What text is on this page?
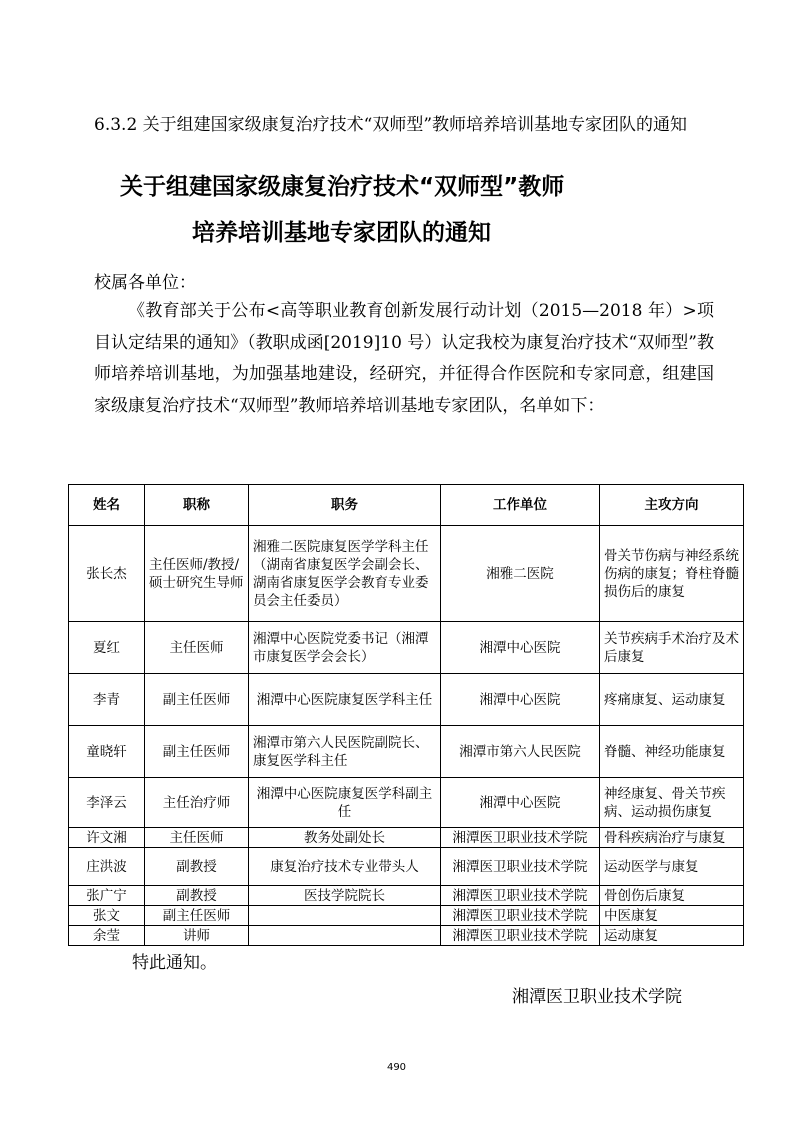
6.3.2 关于组建国家级康复治疗技术“双师型”教师培养培训基地专家团队的通知

关于组建国家级康复治疗技术“双师型”教师
培养培训基地专家团队的通知

校属各单位：

《教育部关于公布<高等职业教育创新发展行动计划（2015—2018 年）>项目认定结果的通知》（教职成函[2019]10 号）认定我校为康复治疗技术“双师型”教师培养培训基地，为加强基地建设，经研究，并征得合作医院和专家同意，组建国家级康复治疗技术“双师型”教师培养培训基地专家团队，名单如下：

姓名	职称	职务	工作单位	主攻方向
张长杰	主任医师/教授/硕士研究生导师	湘雅二医院康复医学学科主任（湖南省康复医学会副会长、湖南省康复医学会教育专业委员会主任委员）	湘雅二医院	骨关节伤病与神经系统伤病的康复；脊柱脊髓损伤后的康复
夏红	主任医师	湘潭中心医院党委书记（湘潭市康复医学会会长）	湘潭中心医院	关节疾病手术治疗及术后康复
李青	副主任医师	湘潭中心医院康复医学科主任	湘潭中心医院	疼痛康复、运动康复
童晓轩	副主任医师	湘潭市第六人民医院副院长、康复医学科主任	湘潭市第六人民医院	脊髓、神经功能康复
李泽云	主任治疗师	湘潭中心医院康复医学科副主任	湘潭中心医院	神经康复、骨关节疾病、运动损伤康复
许文湘	主任医师	教务处副处长	湘潭医卫职业技术学院	骨科疾病治疗与康复
庄洪波	副教授	康复治疗技术专业带头人	湘潭医卫职业技术学院	运动医学与康复
张广宁	副教授	医技学院院长	湘潭医卫职业技术学院	骨创伤后康复
张文	副主任医师		湘潭医卫职业技术学院	中医康复
余莹	讲师		湘潭医卫职业技术学院	运动康复

特此通知。

湘潭医卫职业技术学院

490
